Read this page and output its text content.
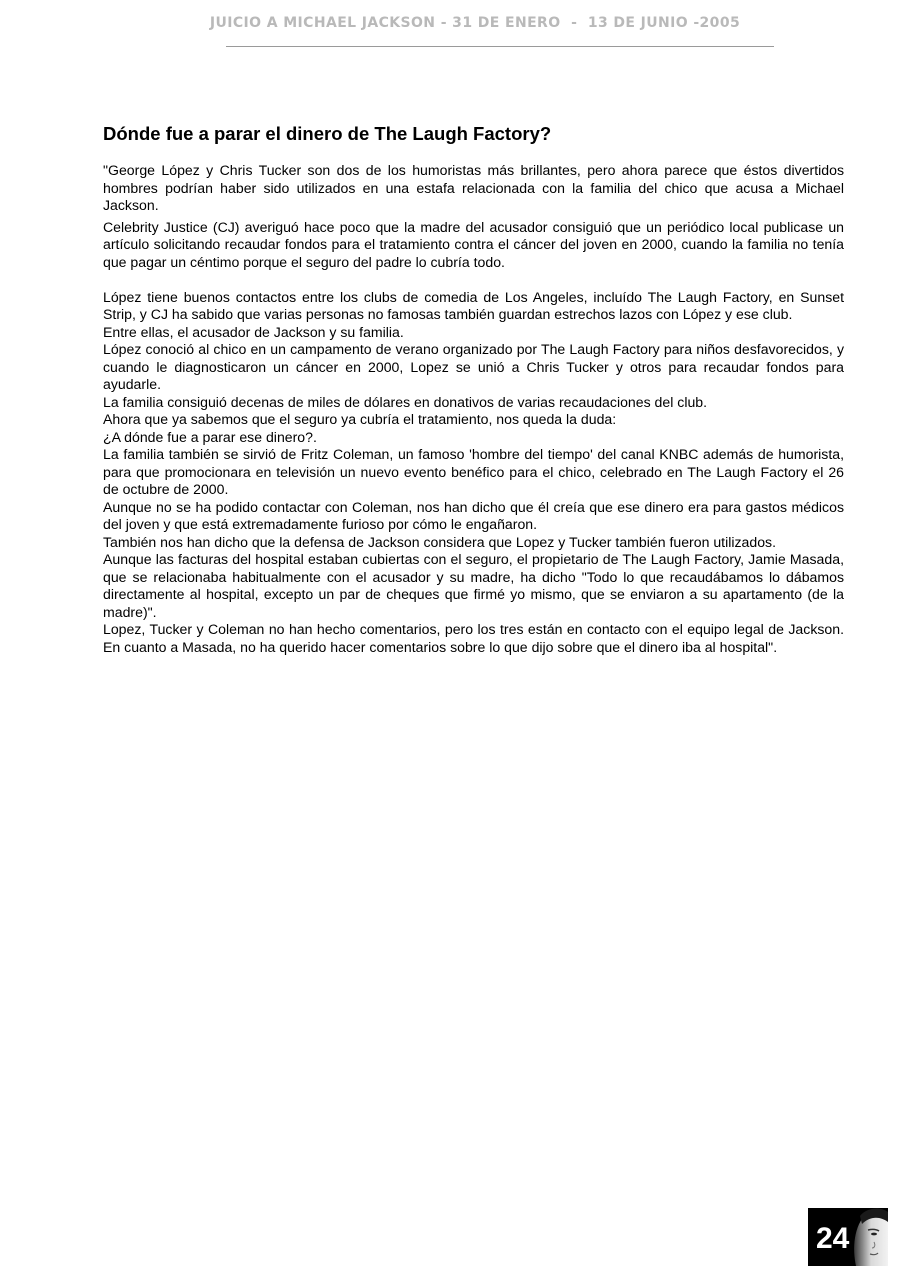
JUICIO A MICHAEL JACKSON - 31 DE ENERO  -  13 DE JUNIO -2005
Dónde fue a parar el dinero de The Laugh Factory?

"George López y Chris Tucker son dos de los humoristas más brillantes, pero ahora parece que éstos divertidos hombres podrían haber sido utilizados en una estafa relacionada con la familia del chico que acusa a Michael Jackson.

Celebrity Justice (CJ) averiguó hace poco que la madre del acusador consiguió que un periódico local publicase un artículo solicitando recaudar fondos para el tratamiento contra el cáncer del joven en 2000, cuando la familia no tenía que pagar un céntimo porque el seguro del padre lo cubría todo.

López tiene buenos contactos entre los clubs de comedia de Los Angeles, incluído The Laugh Factory, en Sunset Strip, y CJ ha sabido que varias personas no famosas también guardan estrechos lazos con López y ese club.

Entre ellas, el acusador de Jackson y su familia.

López conoció al chico en un campamento de verano organizado por The Laugh Factory para niños desfavorecidos, y cuando le diagnosticaron un cáncer en 2000, Lopez se unió a Chris Tucker y otros para recaudar fondos para ayudarle.

La familia consiguió decenas de miles de dólares en donativos de varias recaudaciones del club.

Ahora que ya sabemos que el seguro ya cubría el tratamiento, nos queda la duda:

¿A dónde fue a parar ese dinero?.

La familia también se sirvió de Fritz Coleman, un famoso 'hombre del tiempo' del canal KNBC además de humorista, para que promocionara en televisión un nuevo evento benéfico para el chico, celebrado en The Laugh Factory el 26 de octubre de 2000.

Aunque no se ha podido contactar con Coleman, nos han dicho que él creía que ese dinero era para gastos médicos del joven y que está extremadamente furioso por cómo le engañaron.

También nos han dicho que la defensa de Jackson considera que Lopez y Tucker también fueron utilizados.

Aunque las facturas del hospital estaban cubiertas con el seguro, el propietario de The Laugh Factory, Jamie Masada, que se relacionaba habitualmente con el acusador y su madre, ha dicho "Todo lo que recaudábamos lo dábamos directamente al hospital, excepto un par de cheques que firmé yo mismo, que se enviaron a su apartamento (de la madre)".

Lopez, Tucker y Coleman no han hecho comentarios, pero los tres están en contacto con el equipo legal de Jackson. En cuanto a Masada, no ha querido hacer comentarios sobre lo que dijo sobre que el dinero iba al hospital".

24
